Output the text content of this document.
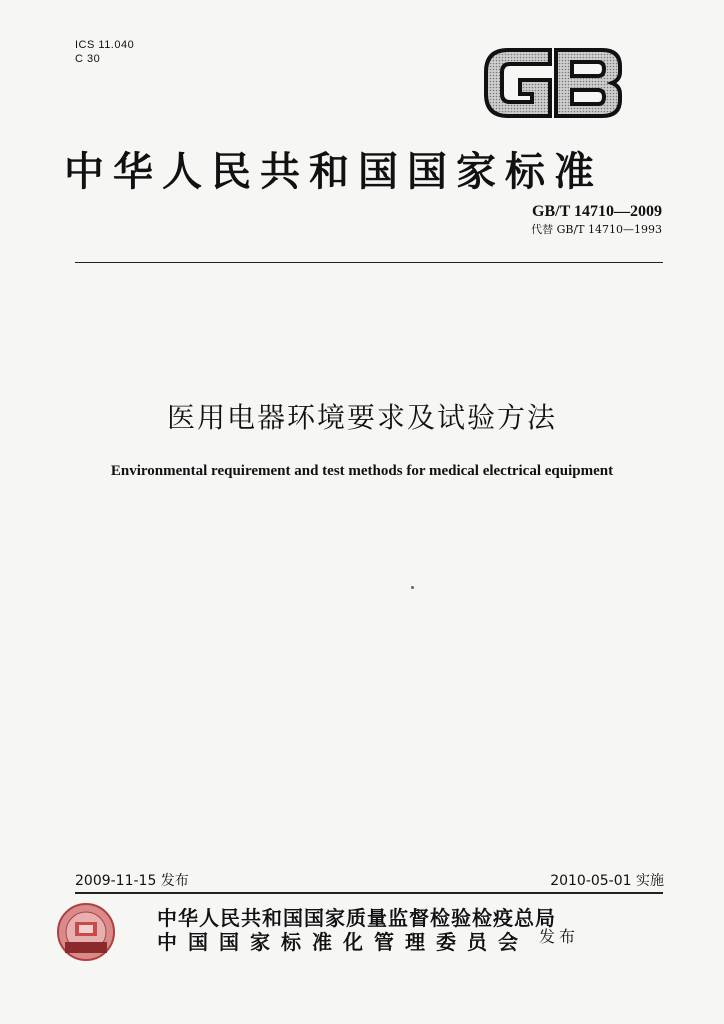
ICS 11.040
C 30
中华人民共和国国家标准
GB/T 14710—2009
代替 GB/T 14710—1993
医用电器环境要求及试验方法
Environmental requirement and test methods for medical electrical equipment
2009-11-15 发布	2010-05-01 实施
中华人民共和国国家质量监督检验检疫总局
中国国家标准化管理委员会 发布
